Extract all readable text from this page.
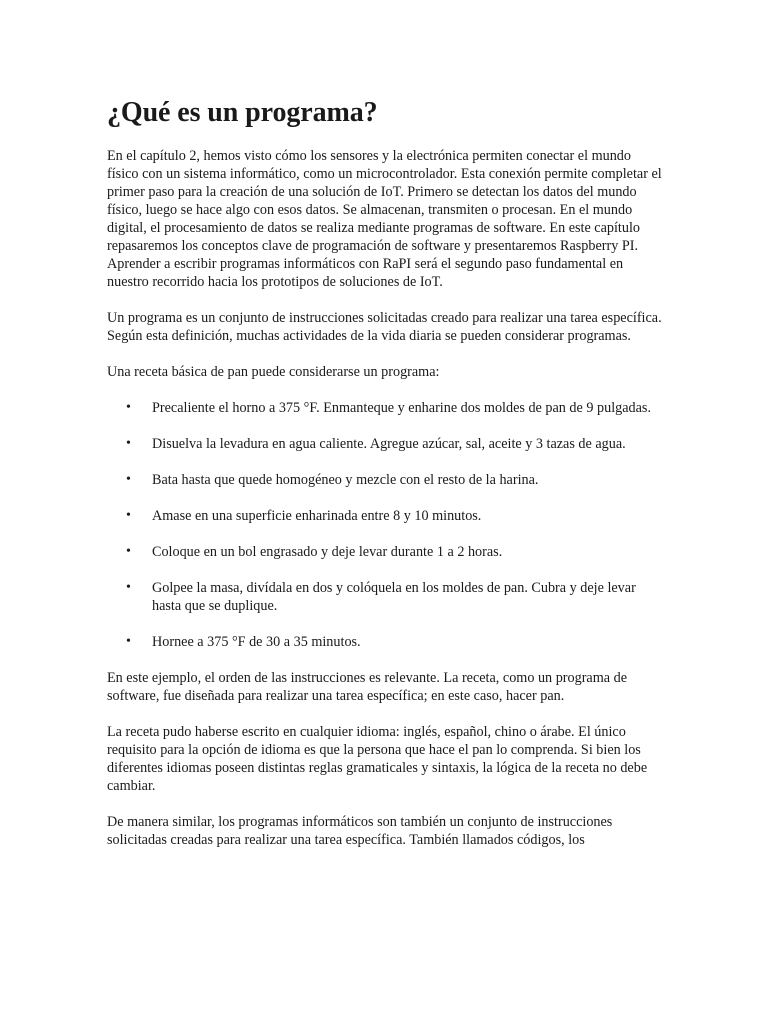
¿Qué es un programa?

En el capítulo 2, hemos visto cómo los sensores y la electrónica permiten conectar el mundo físico con un sistema informático, como un microcontrolador. Esta conexión permite completar el primer paso para la creación de una solución de IoT. Primero se detectan los datos del mundo físico, luego se hace algo con esos datos. Se almacenan, transmiten o procesan. En el mundo digital, el procesamiento de datos se realiza mediante programas de software. En este capítulo repasaremos los conceptos clave de programación de software y presentaremos Raspberry PI. Aprender a escribir programas informáticos con RaPI será el segundo paso fundamental en nuestro recorrido hacia los prototipos de soluciones de IoT.

Un programa es un conjunto de instrucciones solicitadas creado para realizar una tarea específica. Según esta definición, muchas actividades de la vida diaria se pueden considerar programas.

Una receta básica de pan puede considerarse un programa:

• Precaliente el horno a 375 °F. Enmanteque y enharine dos moldes de pan de 9 pulgadas.
• Disuelva la levadura en agua caliente. Agregue azúcar, sal, aceite y 3 tazas de agua.
• Bata hasta que quede homogéneo y mezcle con el resto de la harina.
• Amase en una superficie enharinada entre 8 y 10 minutos.
• Coloque en un bol engrasado y deje levar durante 1 a 2 horas.
• Golpee la masa, divídala en dos y colóquela en los moldes de pan. Cubra y deje levar hasta que se duplique.
• Hornee a 375 °F de 30 a 35 minutos.

En este ejemplo, el orden de las instrucciones es relevante. La receta, como un programa de software, fue diseñada para realizar una tarea específica; en este caso, hacer pan.

La receta pudo haberse escrito en cualquier idioma: inglés, español, chino o árabe. El único requisito para la opción de idioma es que la persona que hace el pan lo comprenda. Si bien los diferentes idiomas poseen distintas reglas gramaticales y sintaxis, la lógica de la receta no debe cambiar.

De manera similar, los programas informáticos son también un conjunto de instrucciones solicitadas creadas para realizar una tarea específica. También llamados códigos, los
